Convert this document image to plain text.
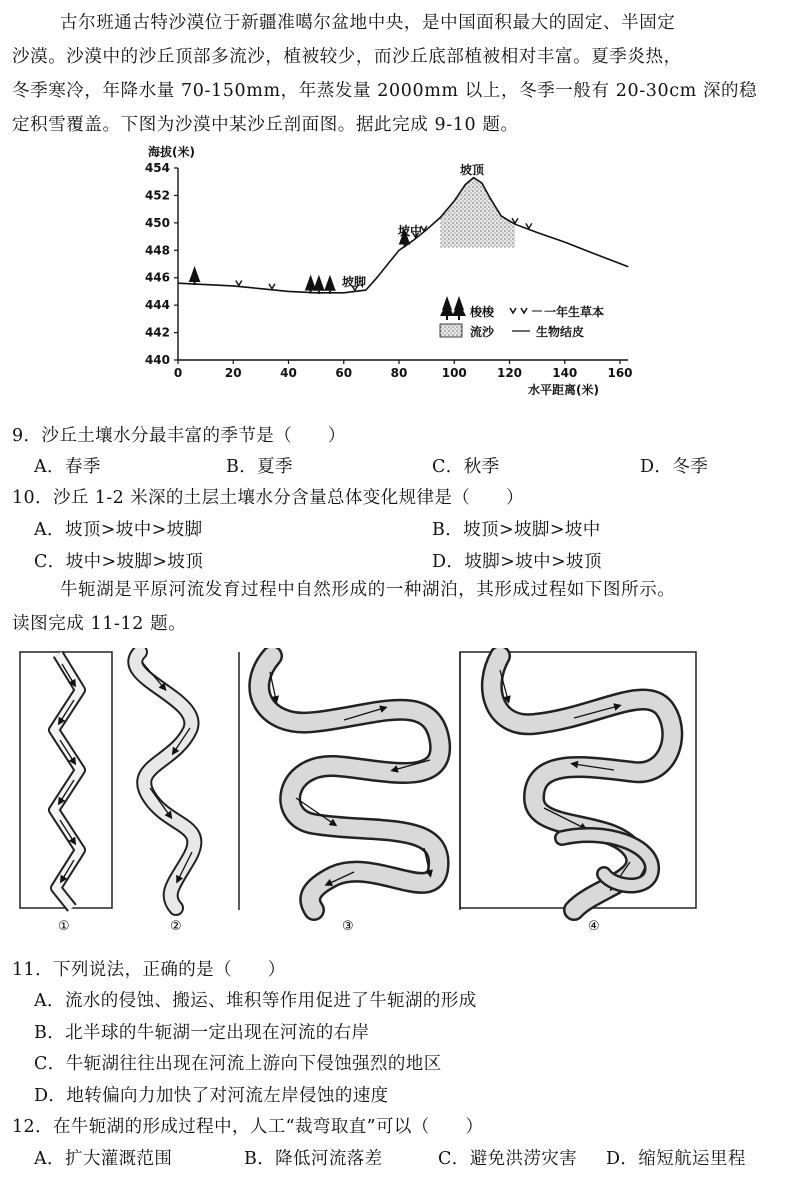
古尔班通古特沙漠位于新疆准噶尔盆地中央，是中国面积最大的固定、半固定
沙漠。沙漠中的沙丘顶部多流沙，植被较少，而沙丘底部植被相对丰富。夏季炎热，
冬季寒冷，年降水量 70-150mm，年蒸发量 2000mm 以上，冬季一般有 20-30cm 深的稳
定积雪覆盖。下图为沙漠中某沙丘剖面图。据此完成 9-10 题。
海拔(米)
440
442
444
446
448
450
452
454
0	20	40	60	80	100	120	140	160
水平距离(米)
坡顶
坡中
坡脚
梭梭	一年生草本
流沙	生物结皮
9．沙丘土壤水分最丰富的季节是（　　）
A．春季	B．夏季	C．秋季	D．冬季
10．沙丘 1-2 米深的土层土壤水分含量总体变化规律是（　　）
A．坡顶>坡中>坡脚	B．坡顶>坡脚>坡中
C．坡中>坡脚>坡顶	D．坡脚>坡中>坡顶
牛轭湖是平原河流发育过程中自然形成的一种湖泊，其形成过程如下图所示。
读图完成 11-12 题。
①	②	③	④
11．下列说法，正确的是（　　）
A．流水的侵蚀、搬运、堆积等作用促进了牛轭湖的形成
B．北半球的牛轭湖一定出现在河流的右岸
C．牛轭湖往往出现在河流上游向下侵蚀强烈的地区
D．地转偏向力加快了对河流左岸侵蚀的速度
12．在牛轭湖的形成过程中，人工“裁弯取直”可以（　　）
A．扩大灌溉范围	B．降低河流落差	C．避免洪涝灾害 D．缩短航运里程
